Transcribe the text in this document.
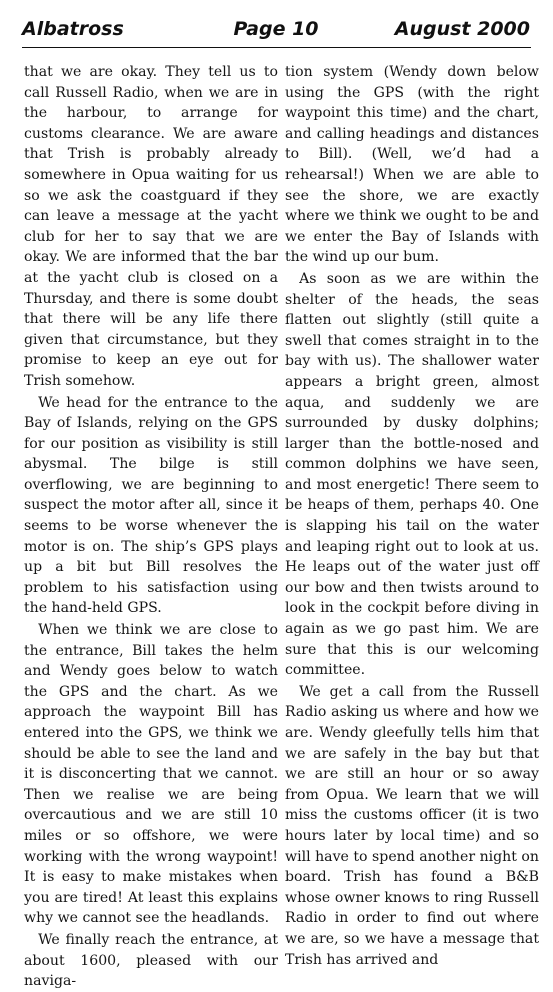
Albatross	Page 10	August 2000

that we are okay. They tell us to call Russell Radio, when we are in the harbour, to arrange for customs clearance. We are aware that Trish is probably already somewhere in Opua waiting for us so we ask the coastguard if they can leave a message at the yacht club for her to say that we are okay. We are informed that the bar at the yacht club is closed on a Thursday, and there is some doubt that there will be any life there given that circumstance, but they promise to keep an eye out for Trish somehow.

We head for the entrance to the Bay of Islands, relying on the GPS for our position as visibility is still abysmal. The bilge is still overflowing, we are beginning to suspect the motor after all, since it seems to be worse whenever the motor is on. The ship’s GPS plays up a bit but Bill resolves the problem to his satisfaction using the hand-held GPS.

When we think we are close to the entrance, Bill takes the helm and Wendy goes below to watch the GPS and the chart. As we approach the waypoint Bill has entered into the GPS, we think we should be able to see the land and it is disconcerting that we cannot. Then we realise we are being overcautious and we are still 10 miles or so offshore, we were working with the wrong waypoint! It is easy to make mistakes when you are tired! At least this explains why we cannot see the headlands.

We finally reach the entrance, at about 1600, pleased with our naviga-

tion system (Wendy down below using the GPS (with the right waypoint this time) and the chart, and calling headings and distances to Bill). (Well, we’d had a rehearsal!) When we are able to see the shore, we are exactly where we think we ought to be and we enter the Bay of Islands with the wind up our bum.

As soon as we are within the shelter of the heads, the seas flatten out slightly (still quite a swell that comes straight in to the bay with us). The shallower water appears a bright green, almost aqua, and suddenly we are surrounded by dusky dolphins; larger than the bottle-nosed and common dolphins we have seen, and most energetic! There seem to be heaps of them, perhaps 40. One is slapping his tail on the water and leaping right out to look at us. He leaps out of the water just off our bow and then twists around to look in the cockpit before diving in again as we go past him. We are sure that this is our welcoming committee.

We get a call from the Russell Radio asking us where and how we are. Wendy gleefully tells him that we are safely in the bay but that we are still an hour or so away from Opua. We learn that we will miss the customs officer (it is two hours later by local time) and so will have to spend another night on board. Trish has found a B&B whose owner knows to ring Russell Radio in order to find out where we are, so we have a message that Trish has arrived and
